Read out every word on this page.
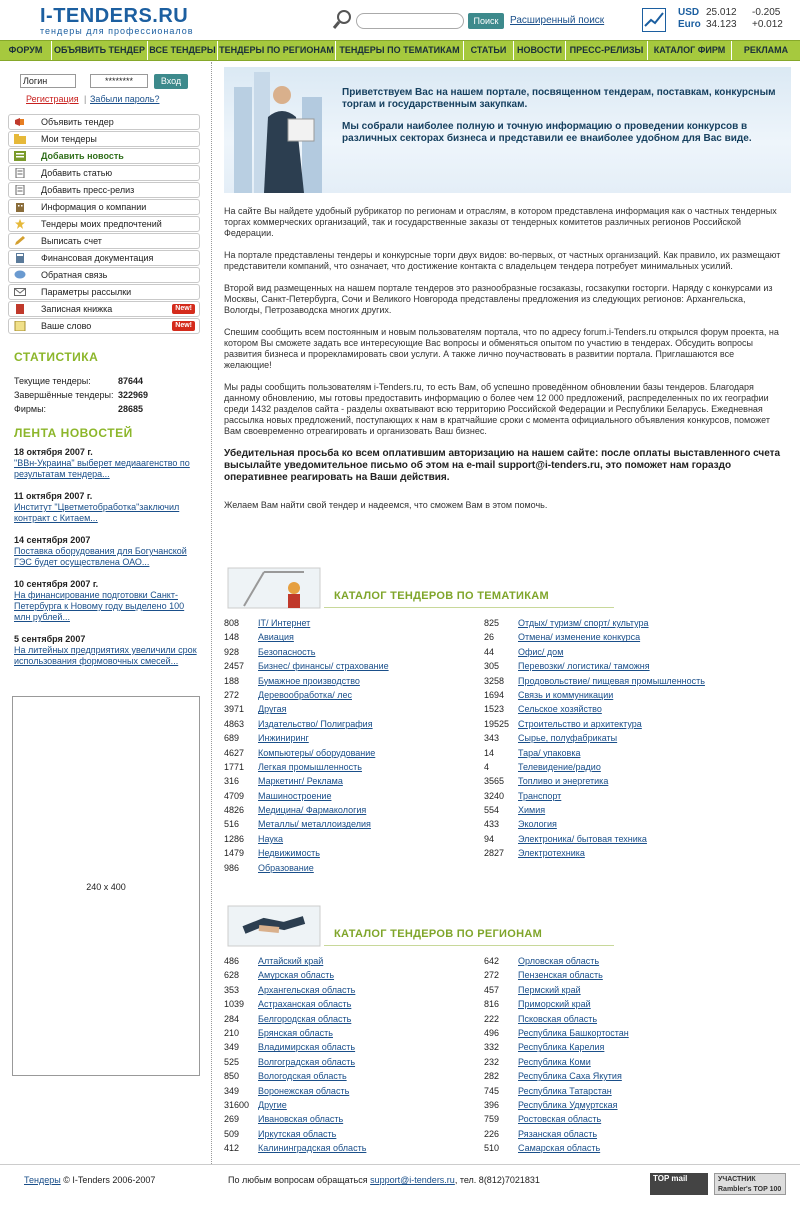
I-TENDERS.RU
тендеры для профессионалов
Поиск	Расширенный поиск
USD 25.012 -0.205
Euro 34.123 +0.012
ФОРУМ	ОБЪЯВИТЬ ТЕНДЕР ВСЕ ТЕНДЕРЫ ТЕНДЕРЫ ПО РЕГИОНАМ ТЕНДЕРЫ ПО ТЕМАТИКАМ	СТАТЬИ	НОВОСТИ ПРЕСС-РЕЛИЗЫ	КАТАЛОГ ФИРМ	РЕКЛАМА
Логин	********	Вход
Регистрация | Забыли пароль?
Объявить тендер
Мои тендеры
Добавить новость
Добавить статью
Добавить пресс-релиз
Информация о компании
Тендеры моих предпочтений
Выписать счет
Финансовая документация
Обратная связь
Параметры рассылки
Записная книжка	New!
Ваше слово	New!
СТАТИСТИКА
Текущие тендеры:	87644
Завершённые тендеры: 322969
Фирмы:	28685
ЛЕНТА НОВОСТЕЙ
18 октября 2007 г.
"ВВн-Украина" выберет медиаагенство по результатам тендера...
11 октября 2007 г.
Институт "Цветметобработка"заключил контракт с Китаем...
14 сентября 2007
Поставка оборудования для Богучанской ГЭС будет осуществлена ОАО...
10 сентября 2007 г.
На финансирование подготовки Санкт-Петербурга к Новому году выделено 100 млн рублей...
5 сентября 2007
На литейных предприятиях увеличили срок использования формовочных смесей...
240 x 400
Приветствуем Вас на нашем портале, посвященном тендерам, поставкам, конкурсным торгам и государственным закупкам.
Мы собрали наиболее полную и точную информацию о проведении конкурсов в различных секторах бизнеса и представили ее внаиболее удобном для Вас виде.

На сайте Вы найдете удобный рубрикатор по регионам и отраслям, в котором представлена информация как о частных тендерных торгах коммерческих организаций, так и государственные заказы от тендерных комитетов различных регионов Российской Федерации.

На портале представлены тендеры и конкурсные торги двух видов: во-первых, от частных организаций. Как правило, их размещают представители компаний, что означает, что достижение контакта с владельцем тендера потребует минимальных усилий.

Второй вид размещенных на нашем портале тендеров это разнообразные госзаказы, госзакупки госторги. Наряду с конкурсами из Москвы, Санкт-Петербурга, Сочи и Великого Новгорода представлены предложения из следующих регионов: Архангельска, Вологды, Петрозаводска многих других.

Спешим сообщить всем постоянным и новым пользователям портала, что по адресу forum.i-Tenders.ru открылся форум проекта, на котором Вы сможете задать все интересующие Вас вопросы и обменяться опытом по участию в тендерах. Обсудить вопросы развития бизнеса и прорекламировать свои услуги. А также лично поучаствовать в развитии портала. Приглашаются все желающие!

Мы рады сообщить пользователям i-Tenders.ru, то есть Вам, об успешно проведённом обновлении базы тендеров. Благодаря данному обновлению, мы готовы предоставить информацию о более чем 12 000 предложений, распределенных по их географии среди 1432 разделов сайта - разделы охватывают всю территорию Российской Федерации и Республики Беларусь. Ежедневная рассылка новых предложений, поступающих к нам в кратчайшие сроки с момента официального объявления конкурсов, поможет Вам своевременно отреагировать и организовать Ваш бизнес.

Убедительная просьба ко всем оплатившим авторизацию на нашем сайте: после оплаты выставленного счета высылайте уведомительное письмо об этом на e-mail support@i-tenders.ru, это поможет нам гораздо оперативнее реагировать на Ваши действия.

Желаем Вам найти свой тендер и надеемся, что сможем Вам в этом помочь.

КАТАЛОГ ТЕНДЕРОВ ПО ТЕМАТИКАМ
808 IT/ Интернет
148 Авиация
928 Безопасность
2457 Бизнес/ финансы/ страхование
188 Бумажное производство
272 Деревообработка/ лес
3971 Другая
4863 Издательство/ Полиграфия
689 Инжиниринг
4627 Компьютеры/ оборудование
1771 Легкая промышленность
316 Маркетинг/ Реклама
4709 Машиностроение
4826 Медицина/ Фармакология
516 Металлы/ металлоизделия
1286 Наука
1479 Недвижимость
986 Образование
825 Отдых/ туризм/ спорт/ культура
26	Отмена/ изменение конкурса
44	Офис/ дом
305 Перевозки/ логистика/ таможня
3258 Продовольствие/ пищевая промышленность
1694 Связь и коммуникации
1523 Сельское хозяйство
19525 Строительство и архитектура
343 Сырье, полуфабрикаты
14	Тара/ упаковка
4	Телевидение/радио
3565 Топливо и энергетика
3240 Транспорт
554 Химия
433 Экология
94	Электроника/ бытовая техника
2827 Электротехника
КАТАЛОГ ТЕНДЕРОВ ПО РЕГИОНАМ
486 Алтайский край
628 Амурская область
353 Архангельская область
1039 Астраханская область
284 Белгородская область
210 Брянская область
349 Владимирская область
525 Волгоградская область
850 Вологодская область
349 Воронежская область
31600 Другие
269 Ивановская область
509 Иркутская область
412 Калининградская область
642 Орловская область
272 Пензенская область
457 Пермский край
816 Приморский край
222 Псковская область
496 Республика Башкортостан
332 Республика Карелия
232 Республика Коми
282 Республика Саха Якутия
745 Республика Татарстан
396 Республика Удмуртская
759 Ростовская область
226 Рязанская область
510 Самарская область
Тендеры © I-Tenders 2006-2007	По любым вопросам обращаться support@i-tenders.ru, тел. 8(812)7021831	TOP mail	УЧАСТНИК Rambler's TOP 100
